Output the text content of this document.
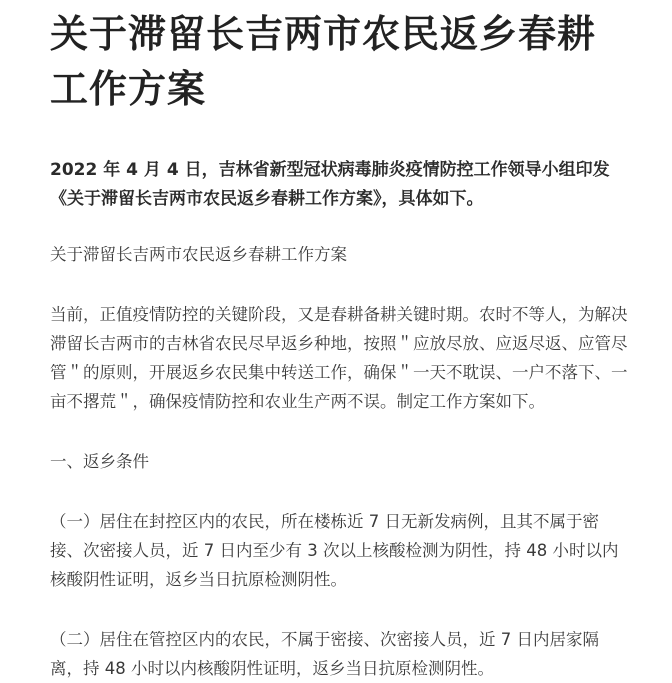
关于滞留长吉两市农民返乡春耕工作方案

2022 年 4 月 4 日，吉林省新型冠状病毒肺炎疫情防控工作领导小组印发《关于滞留长吉两市农民返乡春耕工作方案》，具体如下。

关于滞留长吉两市农民返乡春耕工作方案

当前，正值疫情防控的关键阶段，又是春耕备耕关键时期。农时不等人，为解决滞留长吉两市的吉林省农民尽早返乡种地，按照＂应放尽放、应返尽返、应管尽管＂的原则，开展返乡农民集中转送工作，确保＂一天不耽误、一户不落下、一亩不撂荒＂，确保疫情防控和农业生产两不误。制定工作方案如下。

一、返乡条件

（一）居住在封控区内的农民，所在楼栋近 7 日无新发病例，且其不属于密接、次密接人员，近 7 日内至少有 3 次以上核酸检测为阴性，持 48 小时以内核酸阴性证明，返乡当日抗原检测阴性。

（二）居住在管控区内的农民，不属于密接、次密接人员，近 7 日内居家隔离，持 48 小时以内核酸阴性证明，返乡当日抗原检测阴性。
